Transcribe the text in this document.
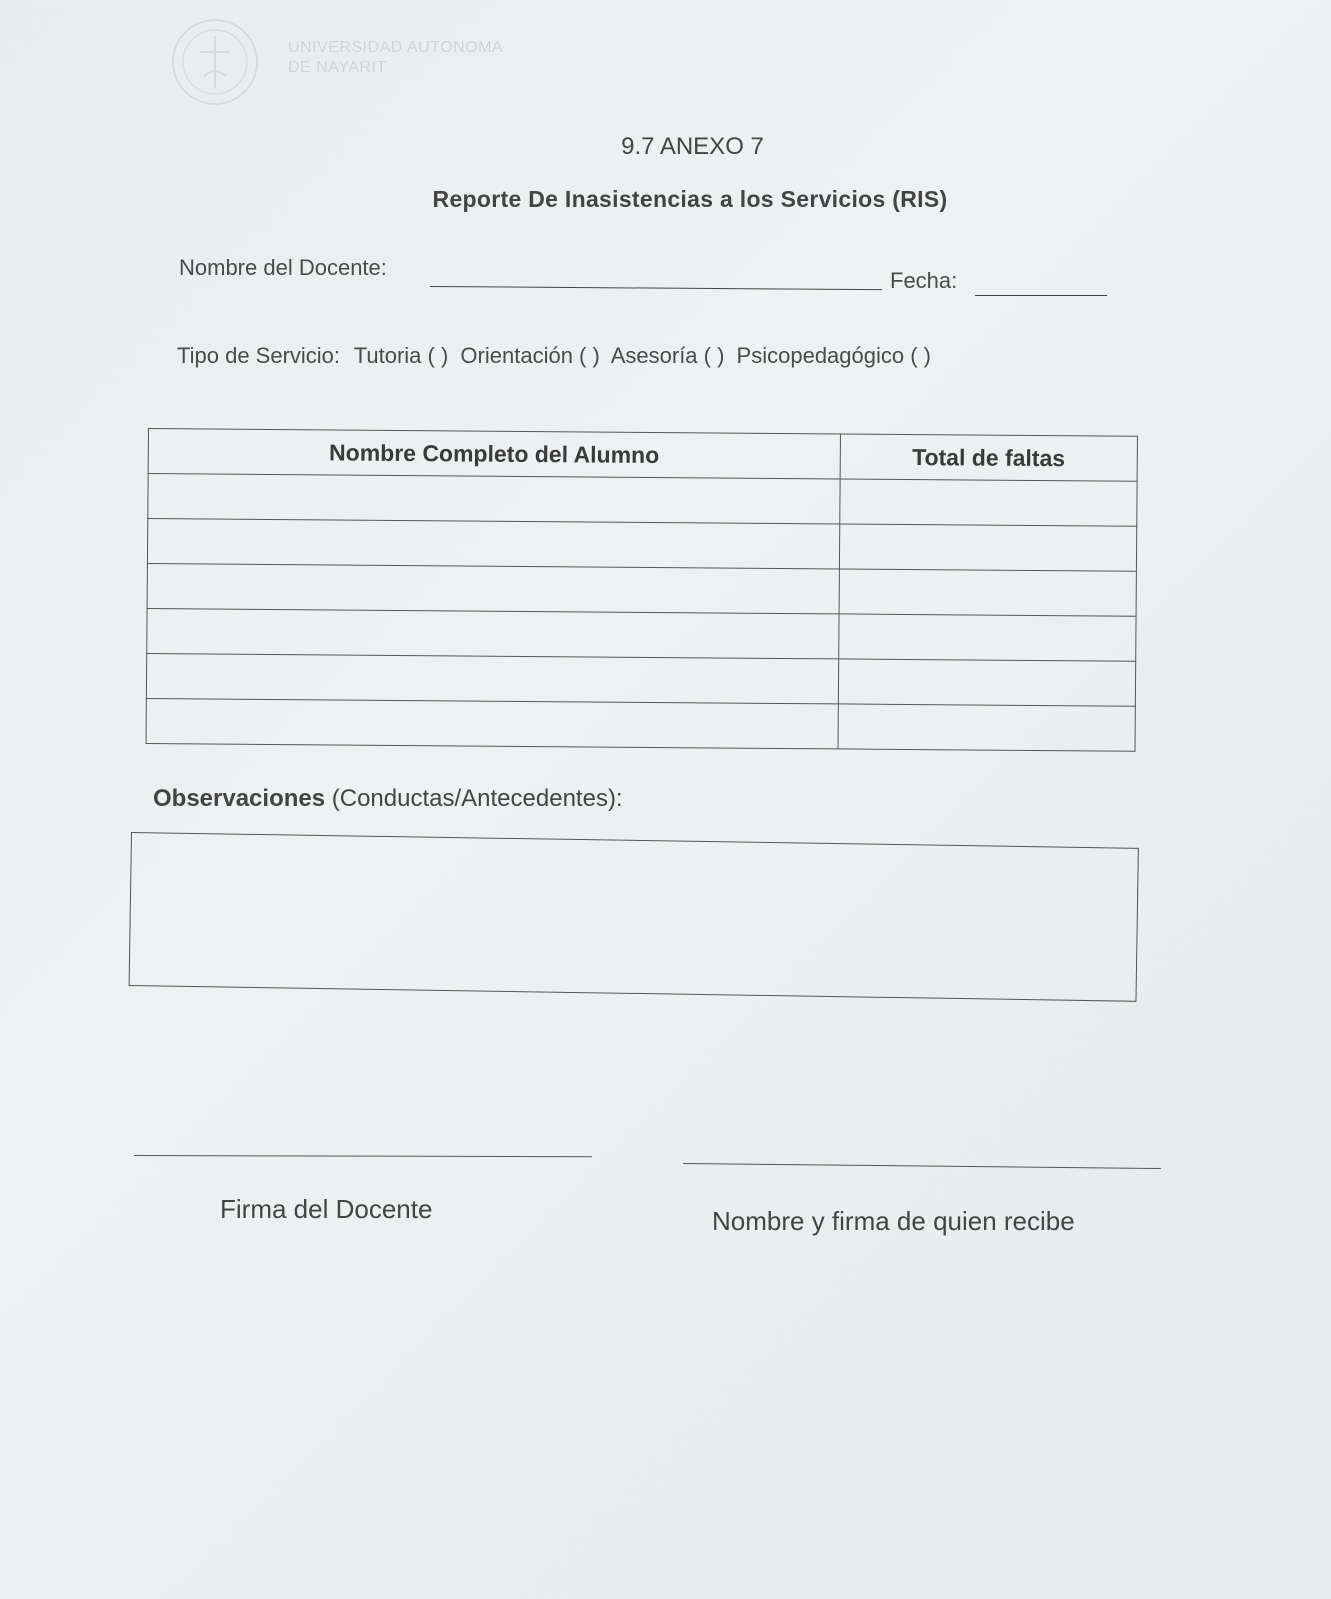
UNIVERSIDAD AUTONOMA
DE NAYARIT
9.7 ANEXO 7
Reporte De Inasistencias a los Servicios (RIS)
Nombre del Docente:
Fecha:
Tipo de Servicio: Tutoria ( ) Orientación ( ) Asesoría ( ) Psicopedagógico ( )
Nombre Completo del Alumno	Total de faltas

Observaciones (Conductas/Antecedentes):
Firma del Docente	Nombre y firma de quien recibe
